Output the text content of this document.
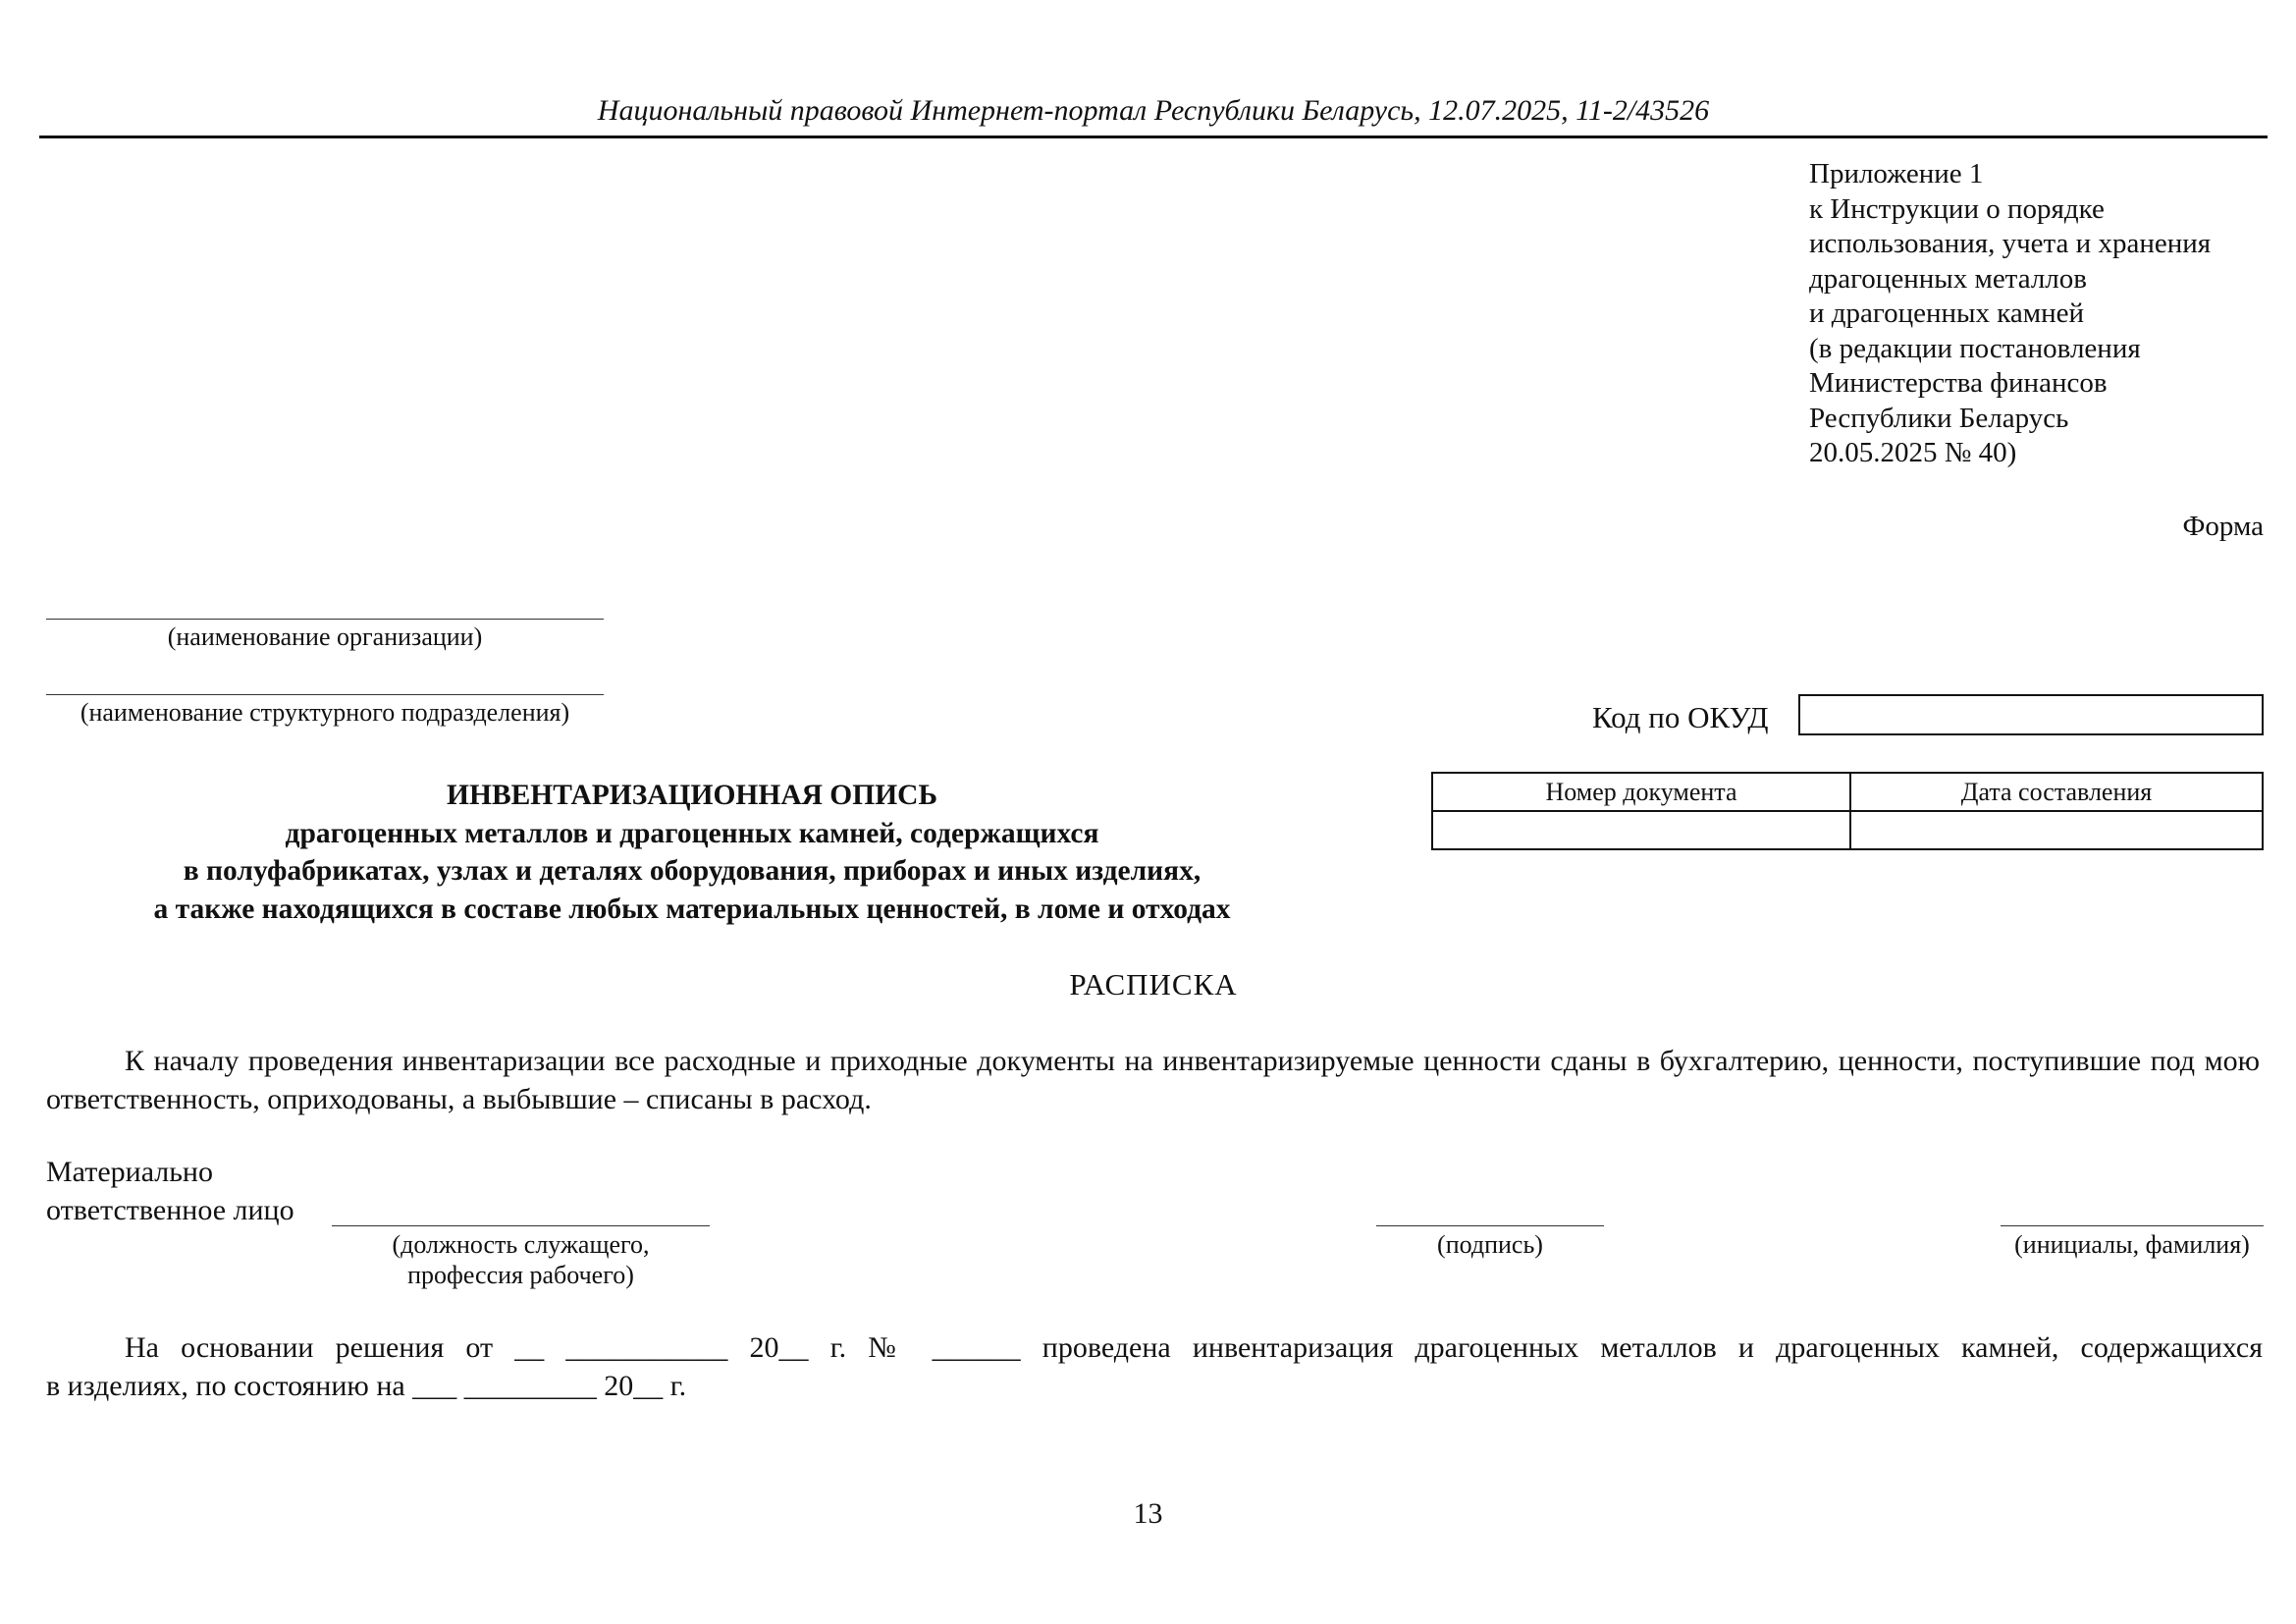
Национальный правовой Интернет-портал Республики Беларусь, 12.07.2025, 11-2/43526
Приложение 1
к Инструкции о порядке
использования, учета и хранения
драгоценных металлов
и драгоценных камней
(в редакции постановления
Министерства финансов
Республики Беларусь
20.05.2025 № 40)
Форма
(наименование организации)
(наименование структурного подразделения)	Код по ОКУД
Номер документа	Дата составления

ИНВЕНТАРИЗАЦИОННАЯ ОПИСЬ
драгоценных металлов и драгоценных камней, содержащихся
в полуфабрикатах, узлах и деталях оборудования, приборах и иных изделиях,
а также находящихся в составе любых материальных ценностей, в ломе и отходах
РАСПИСКА
К началу проведения инвентаризации все расходные и приходные документы на инвентаризируемые ценности сданы в бухгалтерию, ценности, поступившие под мою ответственность, оприходованы, а выбывшие – списаны в расход.
Материально
ответственное лицо
(должность служащего,
профессия рабочего)
(подпись)	(инициалы, фамилия)
На основании решения от __ ___________ 20__ г. № ______ проведена инвентаризация драгоценных металлов и драгоценных камней, содержащихся
в изделиях, по состоянию на ___ _________ 20__ г.
13
